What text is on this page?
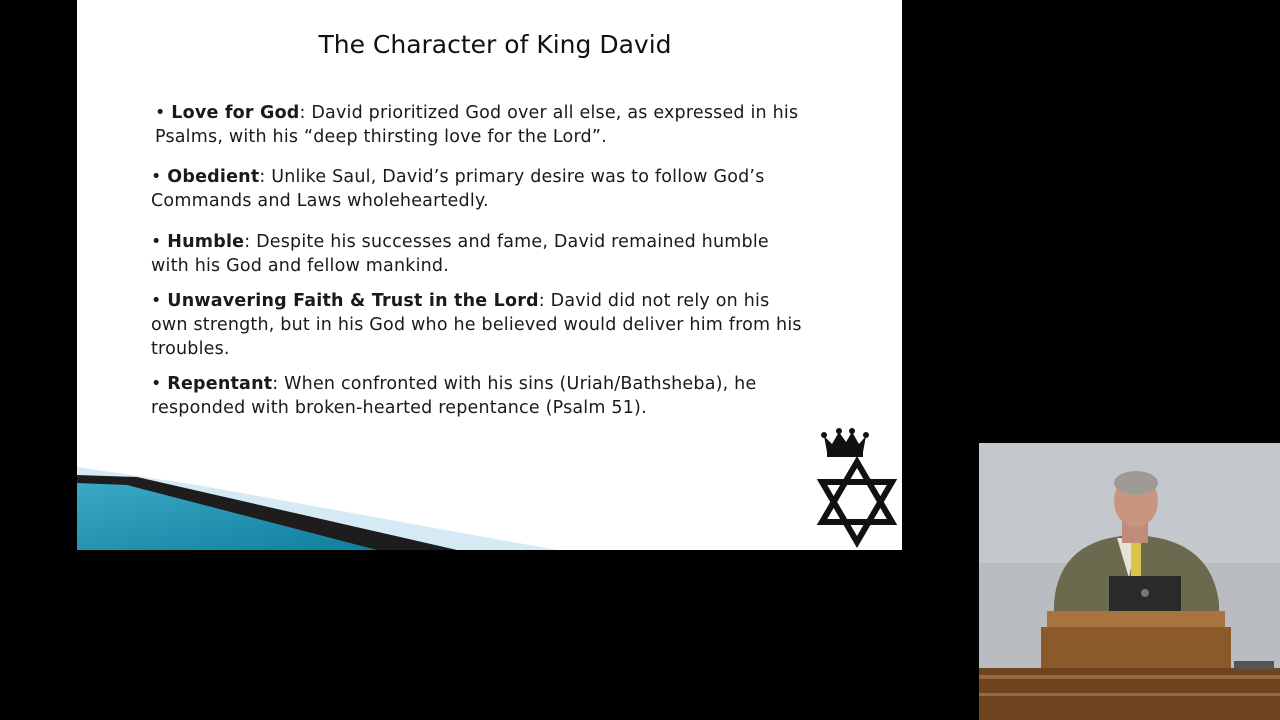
The Character of King David
• Love for God: David prioritized God over all else, as expressed in his Psalms, with his “deep thirsting love for the Lord”.
• Obedient: Unlike Saul, David’s primary desire was to follow God’s Commands and Laws wholeheartedly.
• Humble: Despite his successes and fame, David remained humble with his God and fellow mankind.
• Unwavering Faith & Trust in the Lord: David did not rely on his own strength, but in his God who he believed would deliver him from his troubles.
• Repentant: When confronted with his sins (Uriah/Bathsheba), he responded with broken-hearted repentance (Psalm 51).
